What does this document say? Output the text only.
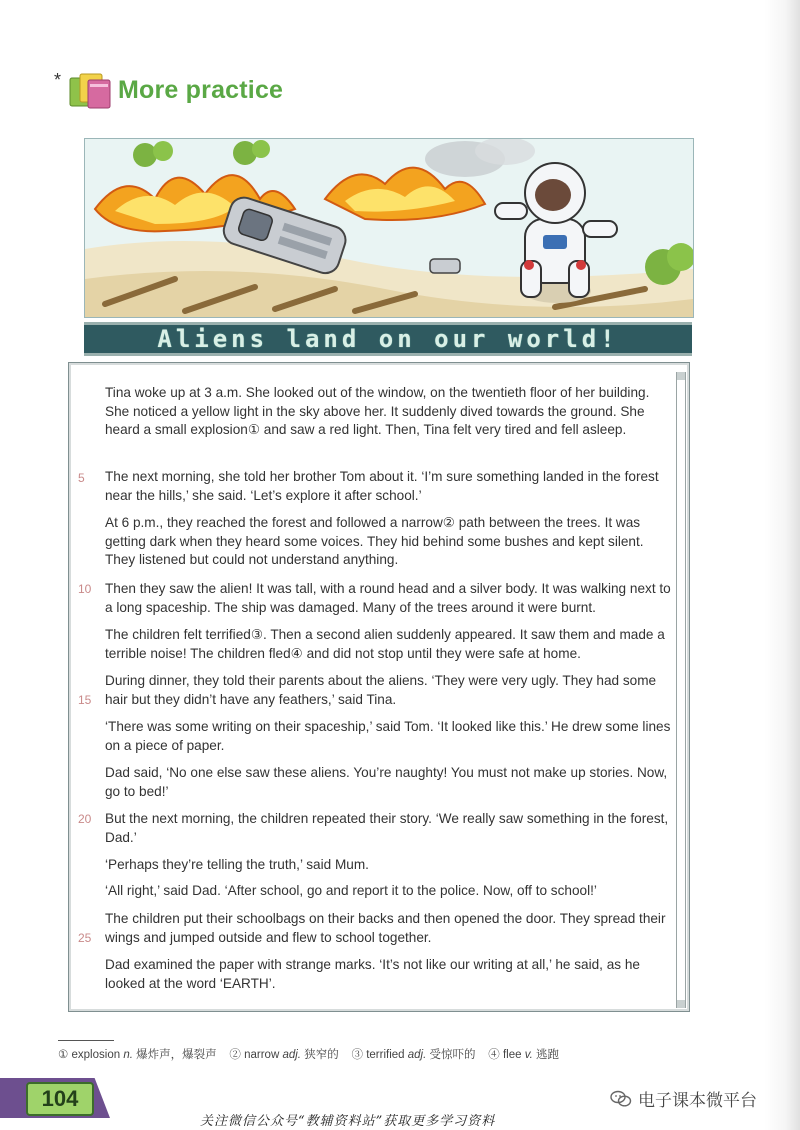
* More practice
Aliens land on our world!
Tina woke up at 3 a.m. She looked out of the window, on the twentieth floor of her building. She noticed a yellow light in the sky above her. It suddenly dived towards the ground. She heard a small explosion① and saw a red light. Then, Tina felt very tired and fell asleep.
The next morning, she told her brother Tom about it. ‘I’m sure something landed in the forest near the hills,’ she said. ‘Let’s explore it after school.’
At 6 p.m., they reached the forest and followed a narrow② path between the trees. It was getting dark when they heard some voices. They hid behind some bushes and kept silent. They listened but could not understand anything.
Then they saw the alien! It was tall, with a round head and a silver body. It was walking next to a long spaceship. The ship was damaged. Many of the trees around it were burnt.
The children felt terrified③. Then a second alien suddenly appeared. It saw them and made a terrible noise! The children fled④ and did not stop until they were safe at home.
During dinner, they told their parents about the aliens. ‘They were very ugly. They had some hair but they didn’t have any feathers,’ said Tina.
‘There was some writing on their spaceship,’ said Tom. ‘It looked like this.’ He drew some lines on a piece of paper.
Dad said, ‘No one else saw these aliens. You’re naughty! You must not make up stories. Now, go to bed!’
But the next morning, the children repeated their story. ‘We really saw something in the forest, Dad.’
‘Perhaps they’re telling the truth,’ said Mum.
‘All right,’ said Dad. ‘After school, go and report it to the police. Now, off to school!’
The children put their schoolbags on their backs and then opened the door. They spread their wings and jumped outside and flew to school together.
Dad examined the paper with strange marks. ‘It’s not like our writing at all,’ he said, as he looked at the word ‘EARTH’.
5
10
15
20
25
① explosion n. 爆炸声，爆裂声 ② narrow adj. 狭窄的 ③ terrified adj. 受惊吓的 ④ flee v. 逃跑
104	电子课本微平台
关注微信公众号“教辅资料站”获取更多学习资料
